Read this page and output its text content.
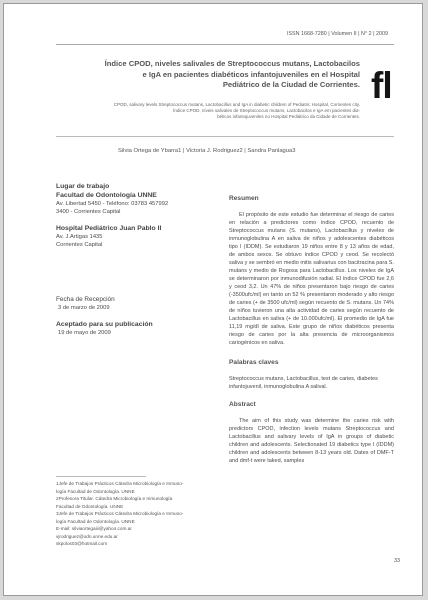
ISSN 1668-7280 | Volumen II | N° 2 | 2009
Índice CPOD, niveles salivales de Streptococcus mutans, Lactobacilos
e IgA en pacientes diabéticos infantojuveniles en el Hospital
Pediátrico de la Ciudad de Corrientes.
CPOD, salivary levels Streptococcus mutans, Lactobacillus and IgA in diabetic children of Pediatric Hospital, Corrientes city.
Índice CPOD, níveis salivales de Streptococcus mutans, Lactobacilos e IgA em pacientes dia-
béticos infantojuveniles no Hospital Pediátrico da Cidade de Corrientes.
fl
Silvia Ortega de Ybarra1 | Victoria J. Rodriguez2 | Sandra Panlagua3
Lugar de trabajo
Facultad de Odontología UNNE
Av. Libertad 5450 - Teléfono: 03783 457992
3400 - Corrientes Capital
Hospital Pediátrico Juan Pablo II
Av. J.Artigas 1435
Corrientes Capital
Fecha de Recepción
3 de marzo de 2009
Aceptado para su publicación
19 de mayo de 2009
1Jefe de Trabajos Prácticos Cátedra Microbiología e Inmuno-
logía Facultad de Odontología. UNNE
2Profesora Titular. Cátedra Microbiología e Inmunología
Facultad de Odontología. UNNE
3Jefe de Trabajos Prácticos Cátedra Microbiología e Inmuno-
logía Facultad de Odontología. UNNE
E-mail: silviaortegaiii@yahoo.com.ar
vjrodriguez@odn.unne.edu.ar
skpolos03@hotmail.com
Resumen

El propósito de este estudio fue determinar el riesgo de caries en relación a predictores como índice CPOD, recuento de Streptococcus mutans (S. mutans), Lactobacillus y niveles de inmunoglobulina A en saliva de niños y adolescentes diabéticos tipo I (IDDM). Se estudiaron 19 niños entre 8 y 13 años de edad, de ambos sexos. Se obtuvo índice CPOD y ceod. Se recolectó saliva y se sembró en medio mitis salivarius con bacitracina para S. mutans y medio de Rogosa para Lactobacillus. Los niveles de IgA se determinaron por inmunodifusión radial. El índice CPOD fue 2,6 y ceod 3,2. Un 47% de niños presentaron bajo riesgo de caries (-3500ufc/ml) en tanto un 52 % presentaron moderado y alto riesgo de caries (+ de 3500 ufc/ml) según recuento de S. mutans. Un 74% de niños tuvieron una alta actividad de caries según recuento de Lactobacillus en saliva (+ de 10.000ufc/ml). El promedio de IgA fue 11,19 mg/dl de saliva. Este grupo de niños diabéticos presenta riesgo de caries por la alta presencia de microorganismos cariogénicos en saliva.

Palabras claves

Streptococcus mutans, Lactobacillus, test de caries, diabetes infantojuvenil, inmunoglobulina A salival.

Abstract

The aim of this study was determine the caries risk with predictors CPOD, infection levels mutans Streptococcus and Lactobacillus and salivary levels of IgA in groups of diabetic children and adolescents. Selectionated 19 diabetics type I (IDDM) children and adolescents between 8-13 years old. Dates of DMF-T and dmf-t were taked, samples

33
